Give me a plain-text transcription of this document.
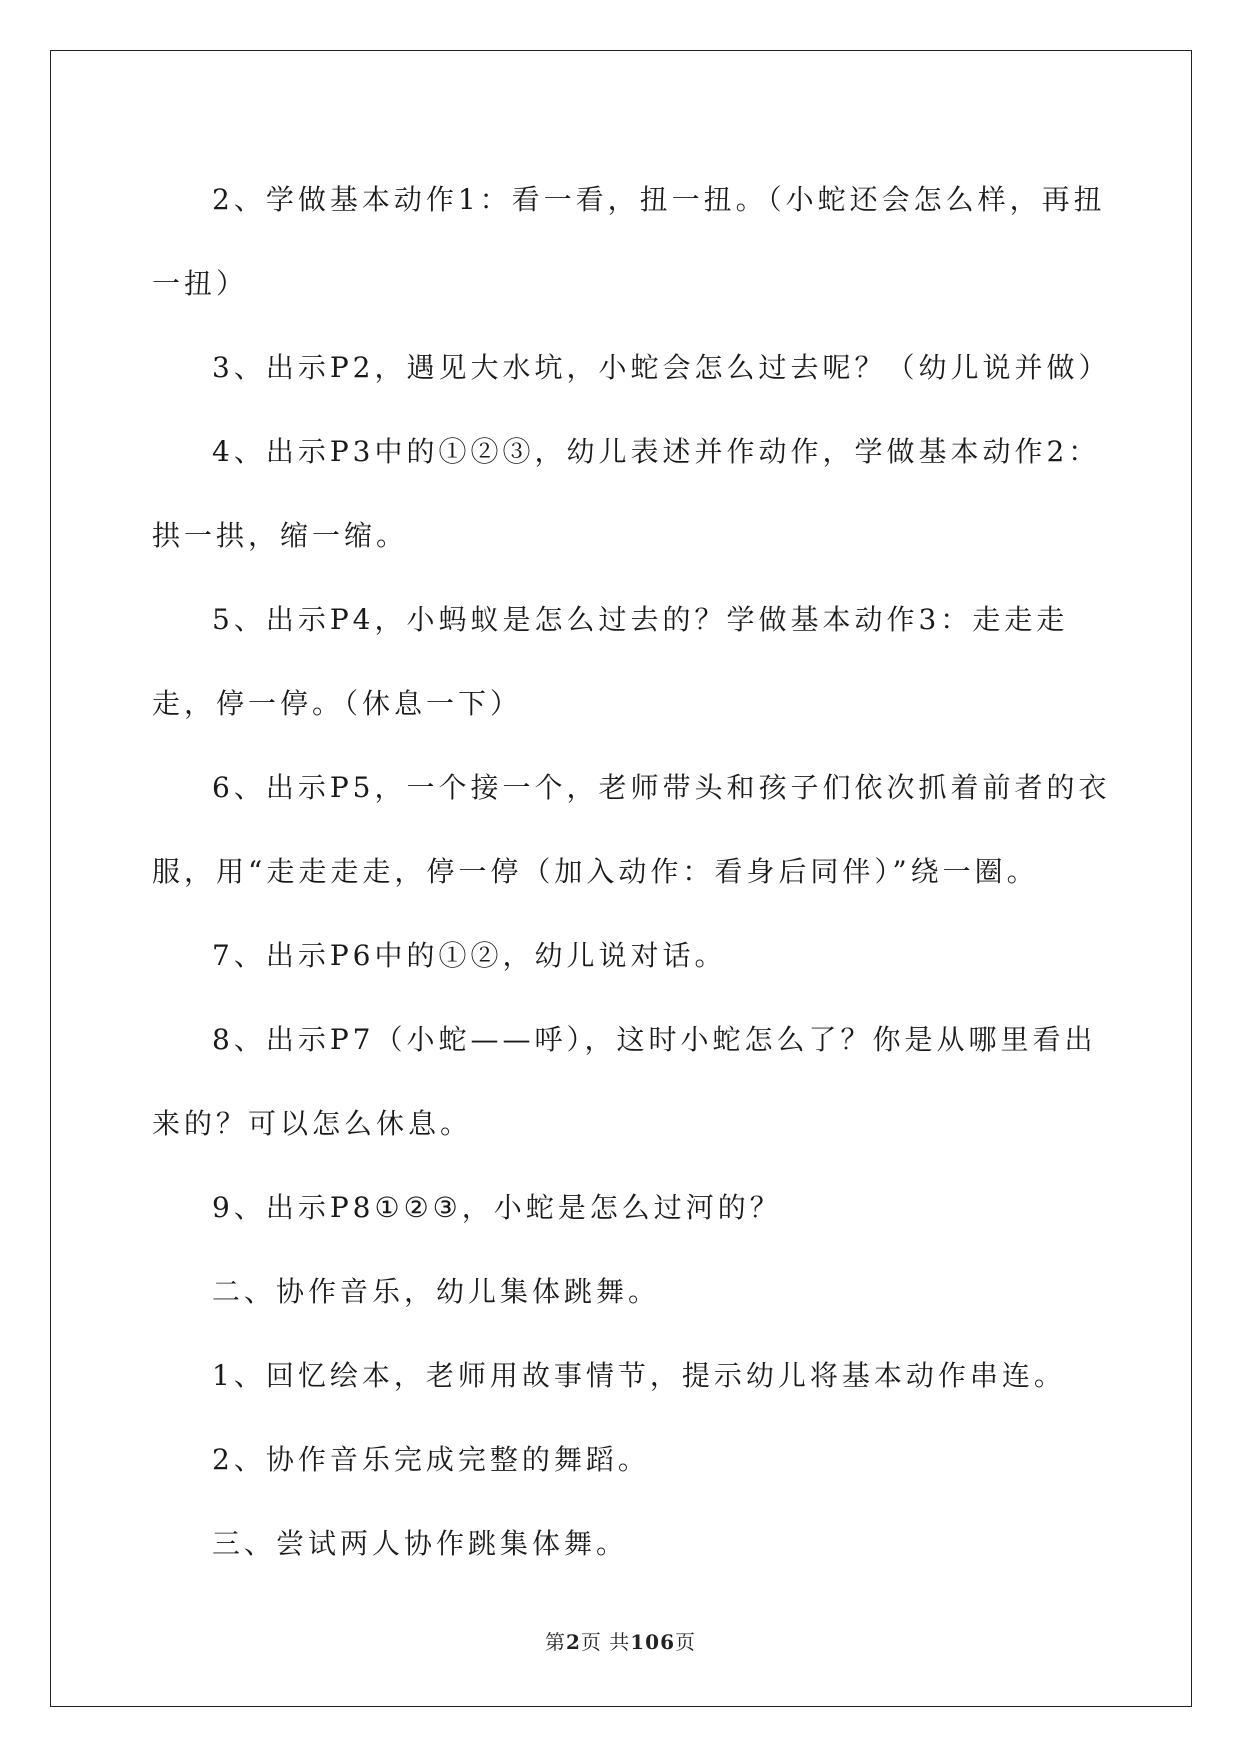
2、学做基本动作1：看一看，扭一扭。（小蛇还会怎么样，再扭一扭）

3、出示P2，遇见大水坑，小蛇会怎么过去呢？（幼儿说并做）

4、出示P3中的①②③，幼儿表述并作动作，学做基本动作2：拱一拱，缩一缩。

5、出示P4，小蚂蚁是怎么过去的？学做基本动作3：走走走走，停一停。（休息一下）

6、出示P5，一个接一个，老师带头和孩子们依次抓着前者的衣服，用“走走走走，停一停（加入动作：看身后同伴）”绕一圈。

7、出示P6中的①②，幼儿说对话。

8、出示P7（小蛇——呼），这时小蛇怎么了？你是从哪里看出来的？可以怎么休息。

9、出示P8①②③，小蛇是怎么过河的？

二、协作音乐，幼儿集体跳舞。

1、回忆绘本，老师用故事情节，提示幼儿将基本动作串连。

2、协作音乐完成完整的舞蹈。

三、尝试两人协作跳集体舞。

第2页 共106页
